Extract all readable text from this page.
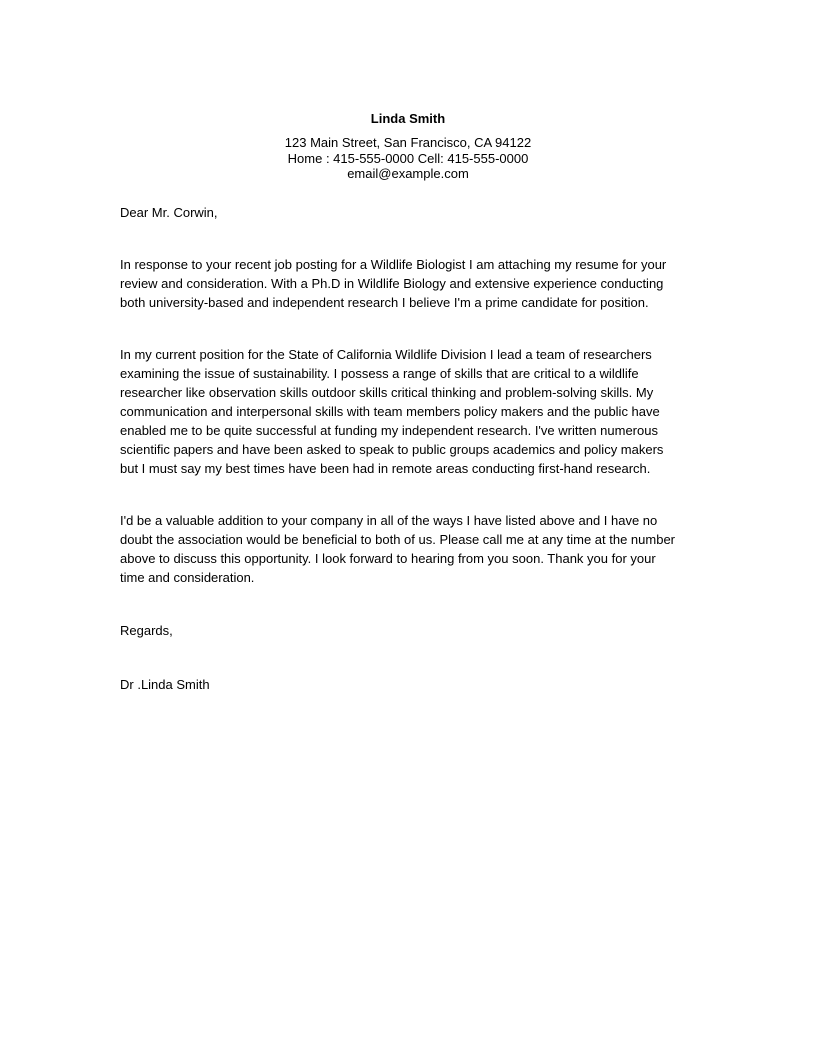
Linda Smith
123 Main Street, San Francisco, CA 94122
Home : 415-555-0000 Cell: 415-555-0000
email@example.com
Dear Mr. Corwin,
In response to your recent job posting for a Wildlife Biologist I am attaching my resume for your
review and consideration. With a Ph.D in Wildlife Biology and extensive experience conducting
both university-based and independent research I believe I'm a prime candidate for position.
In my current position for the State of California Wildlife Division I lead a team of researchers
examining the issue of sustainability. I possess a range of skills that are critical to a wildlife
researcher like observation skills outdoor skills critical thinking and problem-solving skills. My
communication and interpersonal skills with team members policy makers and the public have
enabled me to be quite successful at funding my independent research. I've written numerous
scientific papers and have been asked to speak to public groups academics and policy makers
but I must say my best times have been had in remote areas conducting first-hand research.
I'd be a valuable addition to your company in all of the ways I have listed above and I have no
doubt the association would be beneficial to both of us. Please call me at any time at the number
above to discuss this opportunity. I look forward to hearing from you soon. Thank you for your
time and consideration.
Regards,
Dr .Linda Smith
